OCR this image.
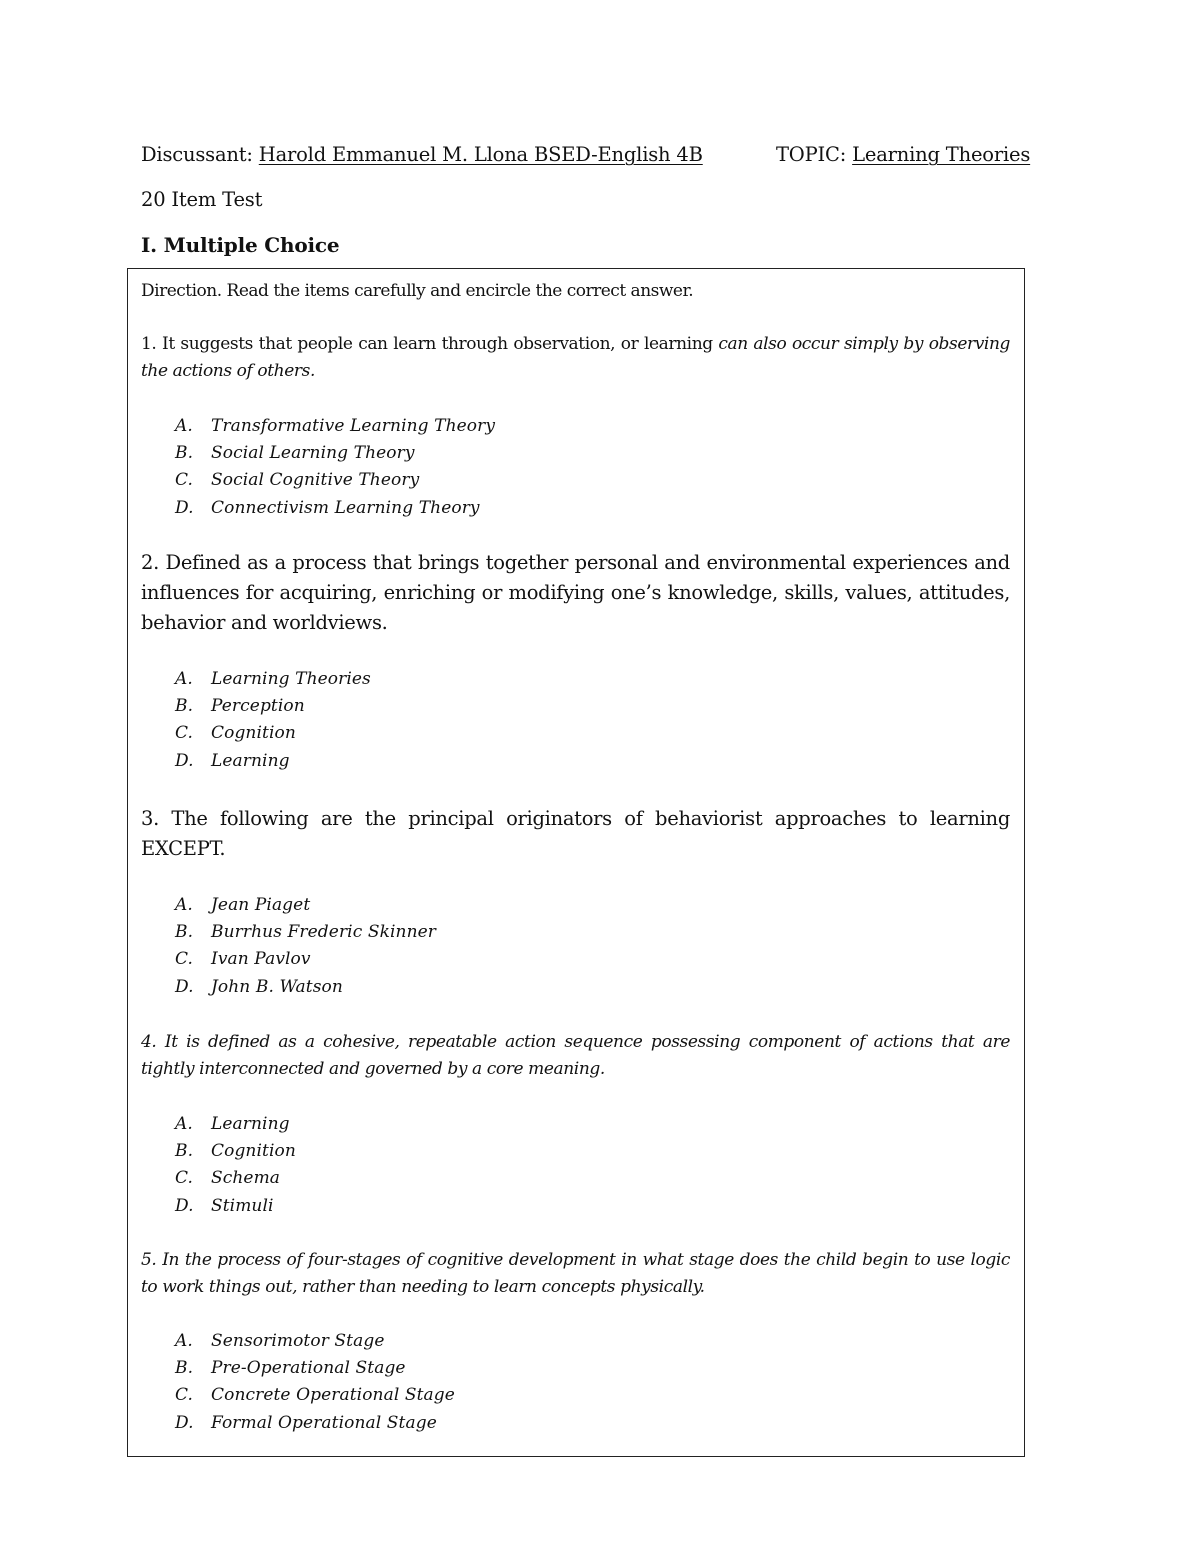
Discussant: Harold Emmanuel M. Llona BSED-English 4B	TOPIC: Learning Theories
20 Item Test
I. Multiple Choice
Direction. Read the items carefully and encircle the correct answer.
1. It suggests that people can learn through observation, or learning can also occur simply by observing the actions of others.
A. Transformative Learning Theory
B. Social Learning Theory
C. Social Cognitive Theory
D. Connectivism Learning Theory
2. Defined as a process that brings together personal and environmental experiences and influences for acquiring, enriching or modifying one’s knowledge, skills, values, attitudes, behavior and worldviews.
A. Learning Theories
B. Perception
C. Cognition
D. Learning
3. The following are the principal originators of behaviorist approaches to learning EXCEPT.
A. Jean Piaget
B. Burrhus Frederic Skinner
C. Ivan Pavlov
D. John B. Watson
4. It is defined as a cohesive, repeatable action sequence possessing component of actions that are tightly interconnected and governed by a core meaning.
A. Learning
B. Cognition
C. Schema
D. Stimuli
5. In the process of four-stages of cognitive development in what stage does the child begin to use logic to work things out, rather than needing to learn concepts physically.
A. Sensorimotor Stage
B. Pre-Operational Stage
C. Concrete Operational Stage
D. Formal Operational Stage
